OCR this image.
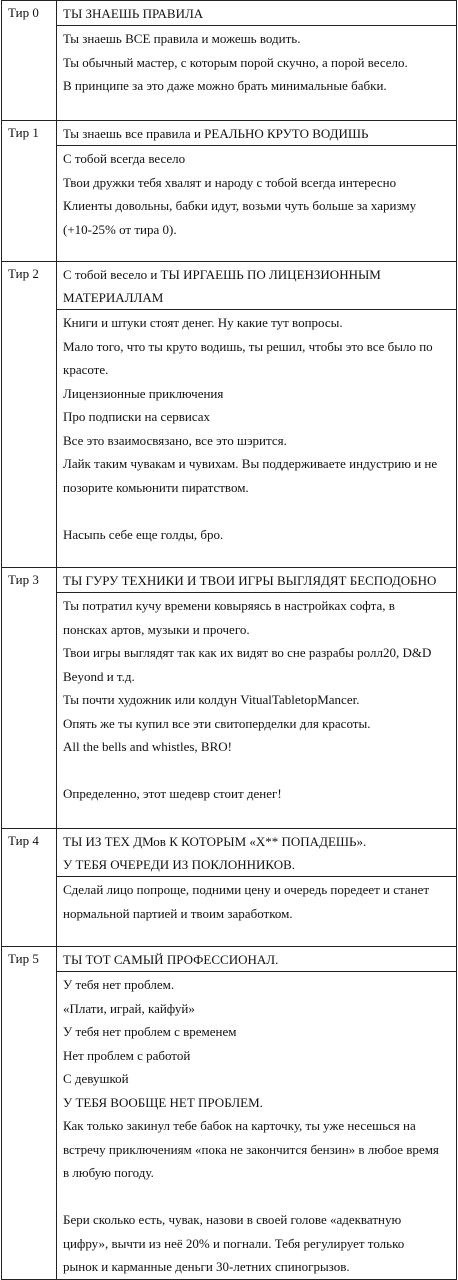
Тир 0	ТЫ ЗНАЕШЬ ПРАВИЛА
Ты знаешь ВСЕ правила и можешь водить.
Ты обычный мастер, с которым порой скучно, а порой весело.
В принципе за это даже можно брать минимальные бабки.
Тир 1	Ты знаешь все правила и РЕАЛЬНО КРУТО ВОДИШЬ
С тобой всегда весело
Твои дружки тебя хвалят и народу с тобой всегда интересно
Клиенты довольны, бабки идут, возьми чуть больше за харизму
(+10-25% от тира 0).
Тир 2	С тобой весело и ТЫ ИРГАЕШЬ ПО ЛИЦЕНЗИОННЫМ
МАТЕРИАЛЛАМ
Книги и штуки стоят денег. Ну какие тут вопросы.
Мало того, что ты круто водишь, ты решил, чтобы это все было по
красоте.
Лицензионные приключения
Про подписки на сервисах
Все это взаимосвязано, все это шэрится.
Лайк таким чувакам и чувихам. Вы поддерживаете индустрию и не
позорите комьюнити пиратством.
Насыпь себе еще голды, бро.
Тир 3	ТЫ ГУРУ ТЕХНИКИ И ТВОИ ИГРЫ ВЫГЛЯДЯТ БЕСПОДОБНО
Ты потратил кучу времени ковыряясь в настройках софта, в
понсках артов, музыки и прочего.
Твои игры выглядят так как их видят во сне разрабы ролл20, D&D
Beyond и т.д.
Ты почти художник или колдун VitualTabletopMancer.
Опять же ты купил все эти свитоперделки для красоты.
All the bells and whistles, BRO!
Определенно, этот шедевр стоит денег!
Тир 4	ТЫ ИЗ ТЕХ ДМов К КОТОРЫМ «Х** ПОПАДЕШЬ».
У ТЕБЯ ОЧЕРЕДИ ИЗ ПОКЛОННИКОВ.
Сделай лицо попроще, подними цену и очередь поредеет и станет
нормальной партией и твоим заработком.
Тир 5	ТЫ ТОТ САМЫЙ ПРОФЕССИОНАЛ.
У тебя нет проблем.
«Плати, играй, кайфуй»
У тебя нет проблем с временем
Нет проблем с работой
С девушкой
У ТЕБЯ ВООБЩЕ НЕТ ПРОБЛЕМ.
Как только закинул тебе бабок на карточку, ты уже несешься на
встречу приключениям «пока не закончится бензин» в любое время
в любую погоду.
Бери сколько есть, чувак, назови в своей голове «адекватную
цифру», вычти из неё 20% и погнали. Тебя регулирует только
рынок и карманные деньги 30-летних спиногрызов.
